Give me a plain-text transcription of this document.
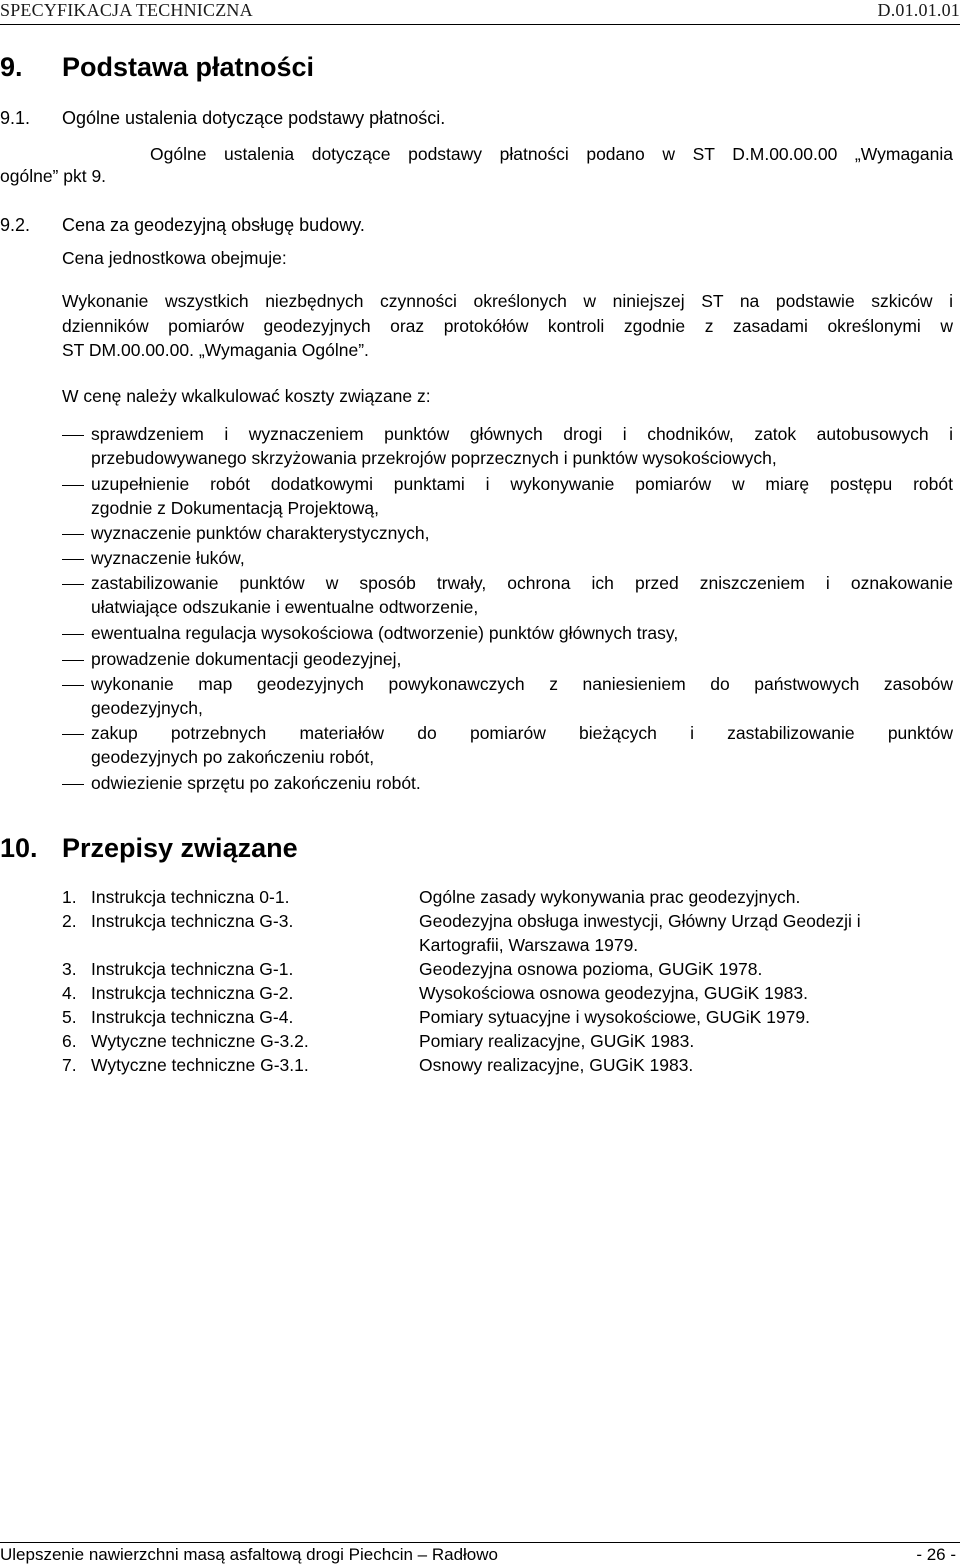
SPECYFIKACJA TECHNICZNA	D.01.01.01
9. Podstawa płatności
9.1. Ogólne ustalenia dotyczące podstawy płatności.
Ogólne ustalenia dotyczące podstawy płatności podano w ST D.M.00.00.00 „Wymagania
ogólne” pkt 9.
9.2. Cena za geodezyjną obsługę budowy.
Cena jednostkowa obejmuje:
Wykonanie wszystkich niezbędnych czynności określonych w niniejszej ST na podstawie szkiców i
dzienników pomiarów geodezyjnych oraz protokółów kontroli zgodnie z zasadami określonymi w
ST DM.00.00.00. „Wymagania Ogólne”.
W cenę należy wkalkulować koszty związane z:
sprawdzeniem i wyznaczeniem punktów głównych drogi i chodników, zatok autobusowych i
przebudowywanego skrzyżowania przekrojów poprzecznych i punktów wysokościowych,
uzupełnienie robót dodatkowymi punktami i wykonywanie pomiarów w miarę postępu robót
zgodnie z Dokumentacją Projektową,
wyznaczenie punktów charakterystycznych,
wyznaczenie łuków,
zastabilizowanie punktów w sposób trwały, ochrona ich przed zniszczeniem i oznakowanie
ułatwiające odszukanie i ewentualne odtworzenie,
ewentualna regulacja wysokościowa (odtworzenie) punktów głównych trasy,
prowadzenie dokumentacji geodezyjnej,
wykonanie map geodezyjnych powykonawczych z naniesieniem do państwowych zasobów
geodezyjnych,
zakup potrzebnych materiałów do pomiarów bieżących i zastabilizowanie punktów
geodezyjnych po zakończeniu robót,
odwiezienie sprzętu po zakończeniu robót.
10. Przepisy związane
1. Instrukcja techniczna 0-1.	Ogólne zasady wykonywania prac geodezyjnych.
2. Instrukcja techniczna G-3.	Geodezyjna obsługa inwestycji, Główny Urząd Geodezji i
Kartografii, Warszawa 1979.
3. Instrukcja techniczna G-1.	Geodezyjna osnowa pozioma, GUGiK 1978.
4. Instrukcja techniczna G-2.	Wysokościowa osnowa geodezyjna, GUGiK 1983.
5. Instrukcja techniczna G-4.	Pomiary sytuacyjne i wysokościowe, GUGiK 1979.
6. Wytyczne techniczne G-3.2.	Pomiary realizacyjne, GUGiK 1983.
7. Wytyczne techniczne G-3.1.	Osnowy realizacyjne, GUGiK 1983.
Ulepszenie nawierzchni masą asfaltową drogi Piechcin – Radłowo	- 26 -
